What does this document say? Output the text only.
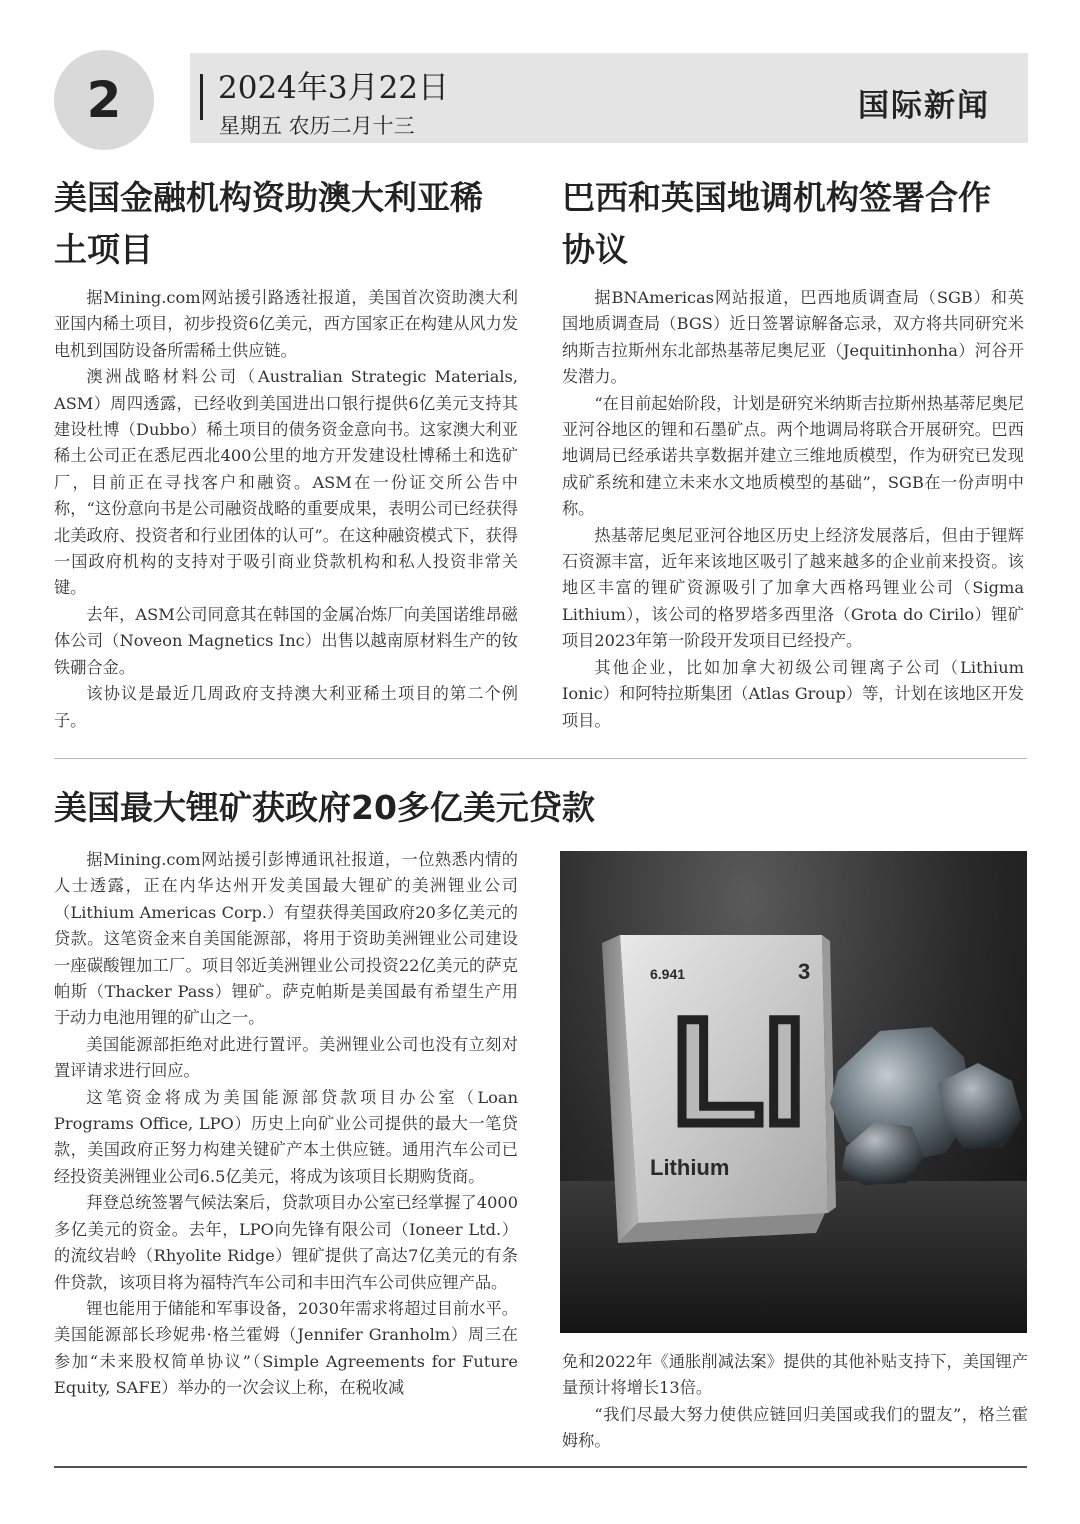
2	2024年3月22日
星期五 农历二月十三
国际新闻
美国金融机构资助澳大利亚稀
土项目

据Mining.com网站援引路透社报道，美国首次资助澳大利亚国内稀土项目，初步投资6亿美元，西方国家正在构建从风力发电机到国防设备所需稀土供应链。

澳洲战略材料公司（Australian Strategic Materials, ASM）周四透露，已经收到美国进出口银行提供6亿美元支持其建设杜博（Dubbo）稀土项目的债务资金意向书。这家澳大利亚稀土公司正在悉尼西北400公里的地方开发建设杜博稀土和选矿厂，目前正在寻找客户和融资。ASM在一份证交所公告中称，“这份意向书是公司融资战略的重要成果，表明公司已经获得北美政府、投资者和行业团体的认可”。在这种融资模式下，获得一国政府机构的支持对于吸引商业贷款机构和私人投资非常关键。

去年，ASM公司同意其在韩国的金属冶炼厂向美国诺维昂磁体公司（Noveon Magnetics Inc）出售以越南原材料生产的钕铁硼合金。

该协议是最近几周政府支持澳大利亚稀土项目的第二个例子。

巴西和英国地调机构签署合作
协议

据BNAmericas网站报道，巴西地质调查局（SGB）和英国地质调查局（BGS）近日签署谅解备忘录，双方将共同研究米纳斯吉拉斯州东北部热基蒂尼奥尼亚（Jequitinhonha）河谷开发潜力。

“在目前起始阶段，计划是研究米纳斯吉拉斯州热基蒂尼奥尼亚河谷地区的锂和石墨矿点。两个地调局将联合开展研究。巴西地调局已经承诺共享数据并建立三维地质模型，作为研究已发现成矿系统和建立未来水文地质模型的基础”，SGB在一份声明中称。

热基蒂尼奥尼亚河谷地区历史上经济发展落后，但由于锂辉石资源丰富，近年来该地区吸引了越来越多的企业前来投资。该地区丰富的锂矿资源吸引了加拿大西格玛锂业公司（Sigma Lithium），该公司的格罗塔多西里洛（Grota do Cirilo）锂矿项目2023年第一阶段开发项目已经投产。

其他企业，比如加拿大初级公司锂离子公司（Lithium Ionic）和阿特拉斯集团（Atlas Group）等，计划在该地区开发项目。

美国最大锂矿获政府20多亿美元贷款

据Mining.com网站援引彭博通讯社报道，一位熟悉内情的人士透露，正在内华达州开发美国最大锂矿的美洲锂业公司（Lithium Americas Corp.）有望获得美国政府20多亿美元的贷款。这笔资金来自美国能源部，将用于资助美洲锂业公司建设一座碳酸锂加工厂。项目邻近美洲锂业公司投资22亿美元的萨克帕斯（Thacker Pass）锂矿。萨克帕斯是美国最有希望生产用于动力电池用锂的矿山之一。

美国能源部拒绝对此进行置评。美洲锂业公司也没有立刻对置评请求进行回应。

这笔资金将成为美国能源部贷款项目办公室（Loan Programs Office, LPO）历史上向矿业公司提供的最大一笔贷款，美国政府正努力构建关键矿产本土供应链。通用汽车公司已经投资美洲锂业公司6.5亿美元，将成为该项目长期购货商。

拜登总统签署气候法案后，贷款项目办公室已经掌握了4000多亿美元的资金。去年，LPO向先锋有限公司（Ioneer Ltd.）的流纹岩岭（Rhyolite Ridge）锂矿提供了高达7亿美元的有条件贷款，该项目将为福特汽车公司和丰田汽车公司供应锂产品。

锂也能用于储能和军事设备，2030年需求将超过目前水平。美国能源部长珍妮弗·格兰霍姆（Jennifer Granholm）周三在参加“未来股权简单协议”（Simple Agreements for Future Equity, SAFE）举办的一次会议上称，在税收减

6.941	3
LI
Lithium

免和2022年《通胀削减法案》提供的其他补贴支持下，美国锂产量预计将增长13倍。

“我们尽最大努力使供应链回归美国或我们的盟友”，格兰霍姆称。
